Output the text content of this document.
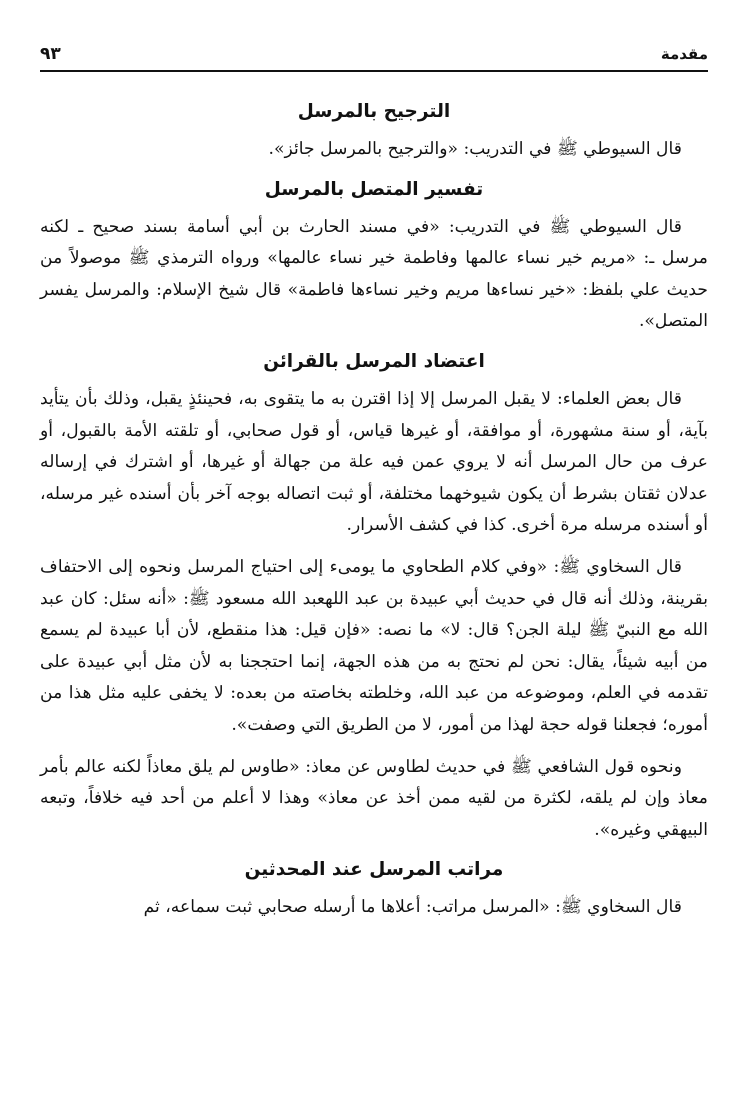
مقدمة
٩٣
الترجيح بالمرسل

قال السيوطي ﷺ في التدريب: «والترجيح بالمرسل جائز».

تفسير المتصل بالمرسل

قال السيوطي ﷺ في التدريب: «في مسند الحارث بن أبي أسامة بسند صحيح ـ لكنه مرسل ـ: «مريم خير نساء عالمها وفاطمة خير نساء عالمها» ورواه الترمذي ﷺ موصولاً من حديث علي بلفظ: «خير نساءها مريم وخير نساءها فاطمة» قال شيخ الإسلام: والمرسل يفسر المتصل».

اعتضاد المرسل بالقرائن

قال بعض العلماء: لا يقبل المرسل إلا إذا اقترن به ما يتقوى به، فحينئذٍ يقبل، وذلك بأن يتأيد بآية، أو سنة مشهورة، أو موافقة، أو غيرها قياس، أو قول صحابي، أو تلقته الأمة بالقبول، أو عرف من حال المرسل أنه لا يروي عمن فيه علة من جهالة أو غيرها، أو اشترك في إرساله عدلان ثقتان بشرط أن يكون شيوخهما مختلفة، أو ثبت اتصاله بوجه آخر بأن أسنده غير مرسله، أو أسنده مرسله مرة أخرى. كذا في كشف الأسرار.

قال السخاوي ﷺ: «وفي كلام الطحاوي ما يومىء إلى احتياج المرسل ونحوه إلى الاحتفاف بقرينة، وذلك أنه قال في حديث أبي عبيدة بن عبد اللهعبد الله مسعود ﷺ: «أنه سئل: كان عبد الله مع النبيّ ﷺ ليلة الجن؟ قال: لا» ما نصه: «فإن قيل: هذا منقطع، لأن أبا عبيدة لم يسمع من أبيه شيئاً، يقال: نحن لم نحتج به من هذه الجهة، إنما احتججنا به لأن مثل أبي عبيدة على تقدمه في العلم، وموضوعه من عبد الله، وخلطته بخاصته من بعده: لا يخفى عليه مثل هذا من أموره؛ فجعلنا قوله حجة لهذا من أمور، لا من الطريق التي وصفت».

ونحوه قول الشافعي ﷺ في حديث لطاوس عن معاذ: «طاوس لم يلق معاذاً لكنه عالم بأمر معاذ وإن لم يلقه، لكثرة من لقيه ممن أخذ عن معاذ» وهذا لا أعلم من أحد فيه خلافاً، وتبعه البيهقي وغيره».

مراتب المرسل عند المحدثين

قال السخاوي ﷺ: «المرسل مراتب: أعلاها ما أرسله صحابي ثبت سماعه، ثم
